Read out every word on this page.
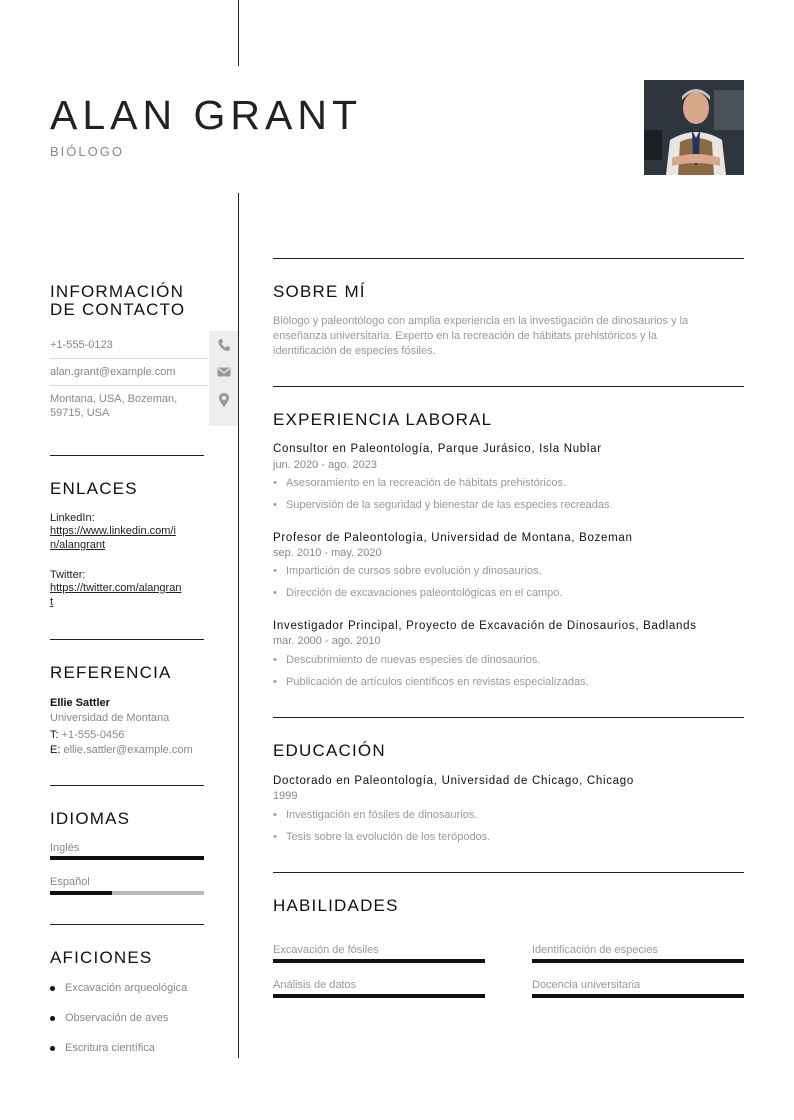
ALAN GRANT
BIÓLOGO
INFORMACIÓN
DE CONTACTO
+1-555-0123
alan.grant@example.com
Montana, USA, Bozeman,
59715, USA
ENLACES
LinkedIn:
https://www.linkedin.com/i
n/alangrant
Twitter:
https://twitter.com/alangran
t
REFERENCIA
Ellie Sattler
Universidad de Montana
T: +1-555-0456
E: ellie.sattler@example.com
IDIOMAS
Inglés
Español
AFICIONES
Excavación arqueológica
Observación de aves
Escritura científica
SOBRE MÍ
Biólogo y paleontólogo con amplia experiencia en la investigación de dinosaurios y la
enseñanza universitaria. Experto en la recreación de hábitats prehistóricos y la
identificación de especies fósiles.
EXPERIENCIA LABORAL
Consultor en Paleontología, Parque Jurásico, Isla Nublar
jun. 2020 - ago. 2023
• Asesoramiento en la recreación de hábitats prehistóricos.
• Supervisión de la seguridad y bienestar de las especies recreadas.
Profesor de Paleontología, Universidad de Montana, Bozeman
sep. 2010 - may. 2020
• Impartición de cursos sobre evolución y dinosaurios.
• Dirección de excavaciones paleontológicas en el campo.
Investigador Principal, Proyecto de Excavación de Dinosaurios, Badlands
mar. 2000 - ago. 2010
• Descubrimiento de nuevas especies de dinosaurios.
• Publicación de artículos científicos en revistas especializadas.
EDUCACIÓN
Doctorado en Paleontología, Universidad de Chicago, Chicago
1999
• Investigación en fósiles de dinosaurios.
• Tesis sobre la evolución de los terópodos.
HABILIDADES
Excavación de fósiles	Identificación de especies
Análisis de datos	Docencia universitaria
